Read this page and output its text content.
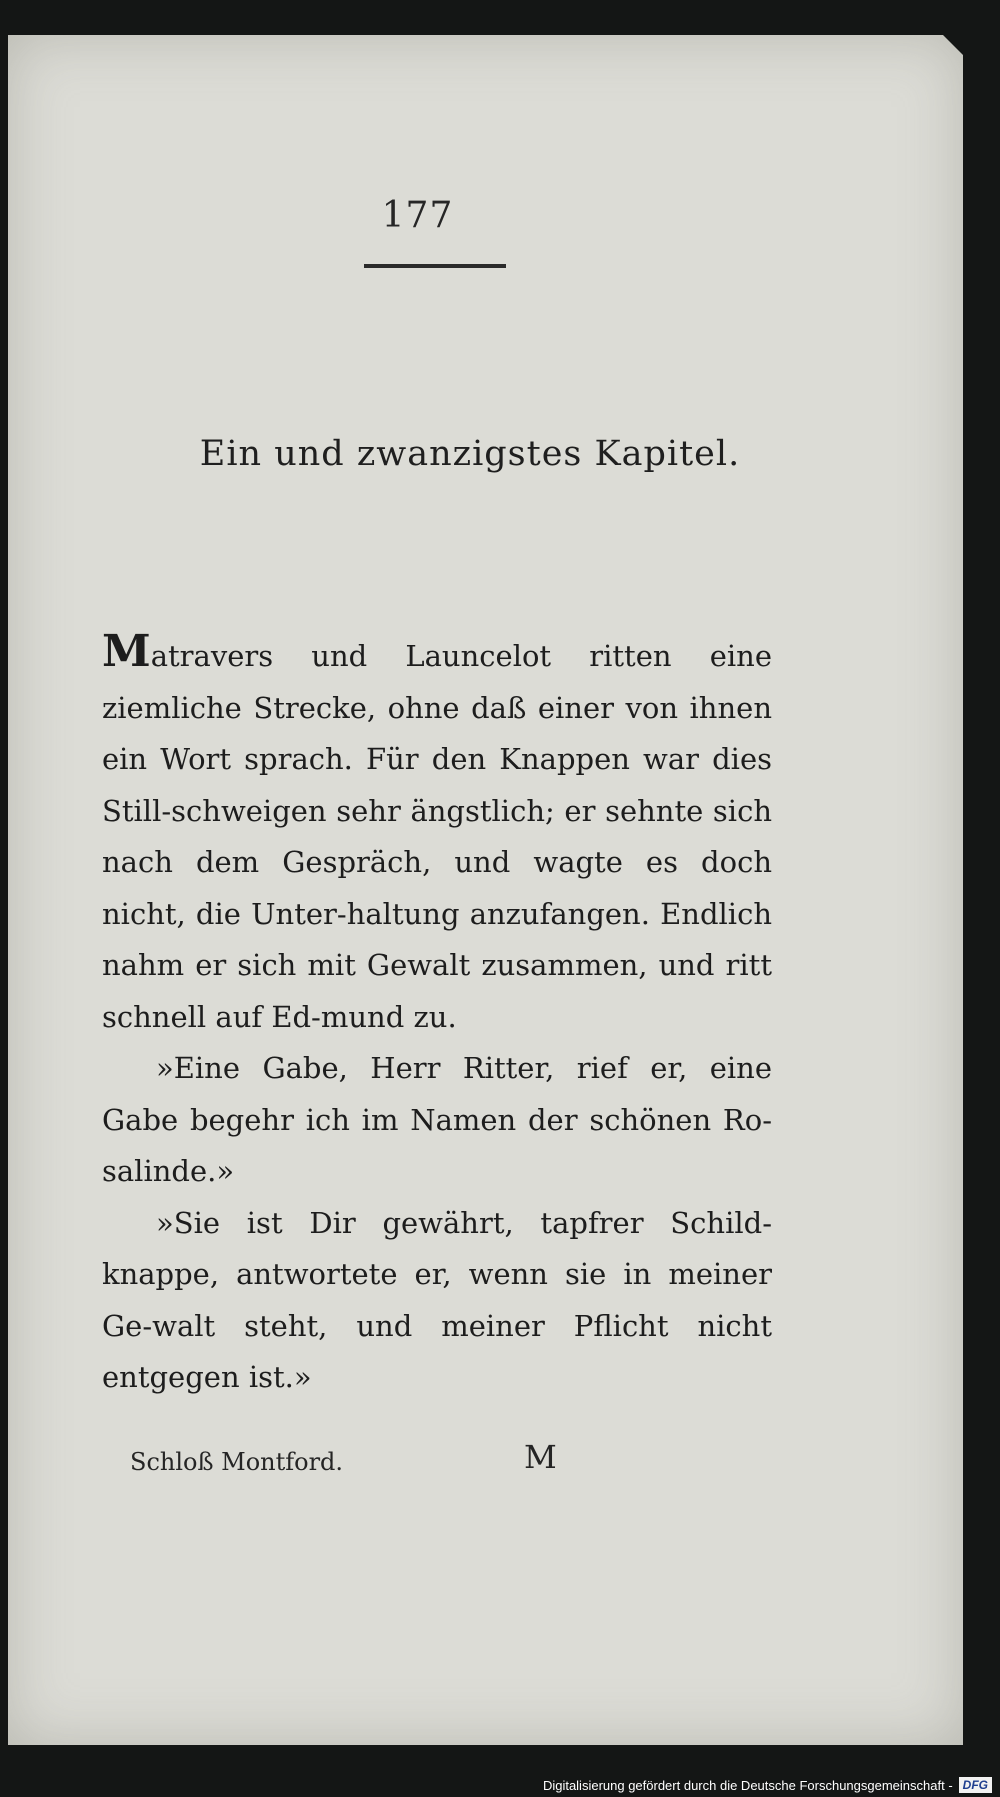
177
Ein und zwanzigstes Kapitel.

Matravers und Launcelot ritten eine ziemliche Strecke, ohne daß einer von ihnen ein Wort sprach. Für den Knappen war dies Still-schweigen sehr ängstlich; er sehnte sich nach dem Gespräch, und wagte es doch nicht, die Unter-haltung anzufangen. Endlich nahm er sich mit Gewalt zusammen, und ritt schnell auf Ed-mund zu.

»Eine Gabe, Herr Ritter, rief er, eine Gabe begehr ich im Namen der schönen Ro-salinde.»

»Sie ist Dir gewährt, tapfrer Schild-knappe, antwortete er, wenn sie in meiner Ge-walt steht, und meiner Pflicht nicht entgegen ist.»

Schloß Montford.	M
Digitalisierung gefördert durch die Deutsche Forschungsgemeinschaft - DFG
